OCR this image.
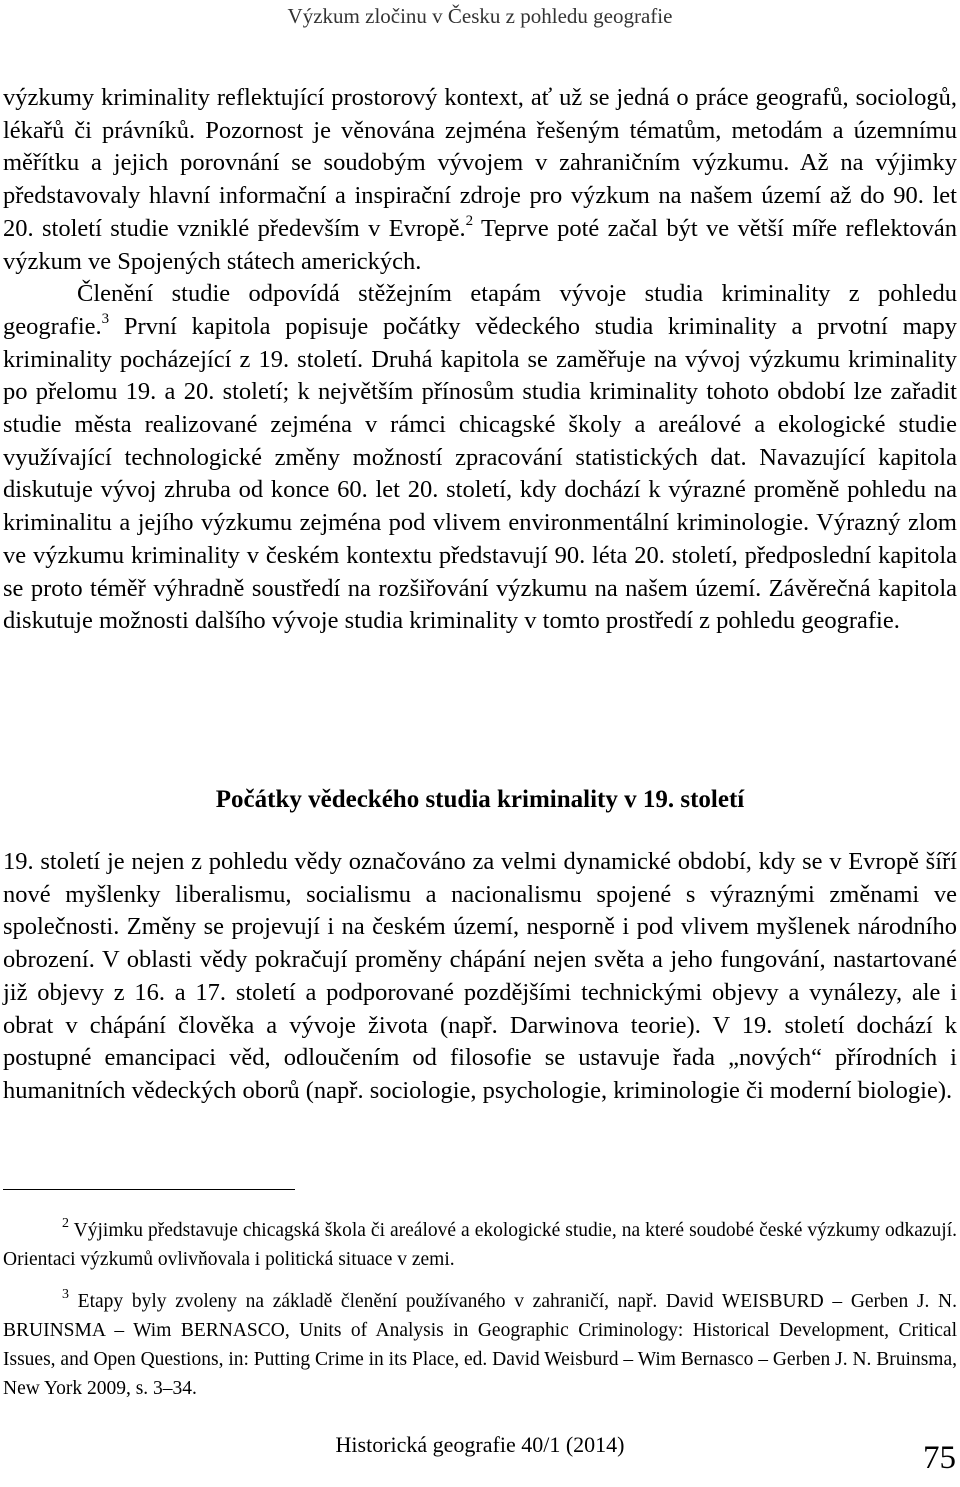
Výzkum zločinu v Česku z pohledu geografie

výzkumy kriminality reflektující prostorový kontext, ať už se jedná o práce geografů, sociologů, lékařů či právníků. Pozornost je věnována zejména řešeným tématům, metodám a územnímu měřítku a jejich porovnání se soudobým vývojem v zahraničním výzkumu. Až na výjimky představovaly hlavní informační a inspirační zdroje pro výzkum na našem území až do 90. let 20. století studie vzniklé především v Evropě.$^2$ Teprve poté začal být ve větší míře reflektován výzkum ve Spojených státech amerických.

Členění studie odpovídá stěžejním etapám vývoje studia kriminality z pohledu geografie.$^3$ První kapitola popisuje počátky vědeckého studia kriminality a prvotní mapy kriminality pocházející z 19. století. Druhá kapitola se zaměřuje na vývoj výzkumu kriminality po přelomu 19. a 20. století; k největším přínosům studia kriminality tohoto období lze zařadit studie města realizované zejména v rámci chicagské školy a areálové a ekologické studie využívající technologické změny možností zpracování statistických dat. Navazující kapitola diskutuje vývoj zhruba od konce 60. let 20. století, kdy dochází k výrazné proměně pohledu na kriminalitu a jejího výzkumu zejména pod vlivem environmentální kriminologie. Výrazný zlom ve výzkumu kriminality v českém kontextu představují 90. léta 20. století, předposlední kapitola se proto téměř výhradně soustředí na rozšiřování výzkumu na našem území. Závěrečná kapitola diskutuje možnosti dalšího vývoje studia kriminality v tomto prostředí z pohledu geografie.

Počátky vědeckého studia kriminality v 19. století

19. století je nejen z pohledu vědy označováno za velmi dynamické období, kdy se v Evropě šíří nové myšlenky liberalismu, socialismu a nacionalismu spojené s výraznými změnami ve společnosti. Změny se projevují i na českém území, nesporně i pod vlivem myšlenek národního obrození. V oblasti vědy pokračují proměny chápání nejen světa a jeho fungování, nastartované již objevy z 16. a 17. století a podporované pozdějšími technickými objevy a vynálezy, ale i obrat v chápání člověka a vývoje života (např. Darwinova teorie). V 19. století dochází k postupné emancipaci věd, odloučením od filosofie se ustavuje řada „nových“ přírodních i humanitních vědeckých oborů (např. sociologie, psychologie, kriminologie či moderní biologie).

$^2$ Výjimku představuje chicagská škola či areálové a ekologické studie, na které soudobé české výzkumy odkazují. Orientaci výzkumů ovlivňovala i politická situace v zemi.

$^3$ Etapy byly zvoleny na základě členění používaného v zahraničí, např. David WEISBURD – Gerben J. N. BRUINSMA – Wim BERNASCO, Units of Analysis in Geographic Criminology: Historical Development, Critical Issues, and Open Questions, in: Putting Crime in its Place, ed. David Weisburd – Wim Bernasco – Gerben J. N. Bruinsma, New York 2009, s. 3–34.

Historická geografie 40/1 (2014)	75
